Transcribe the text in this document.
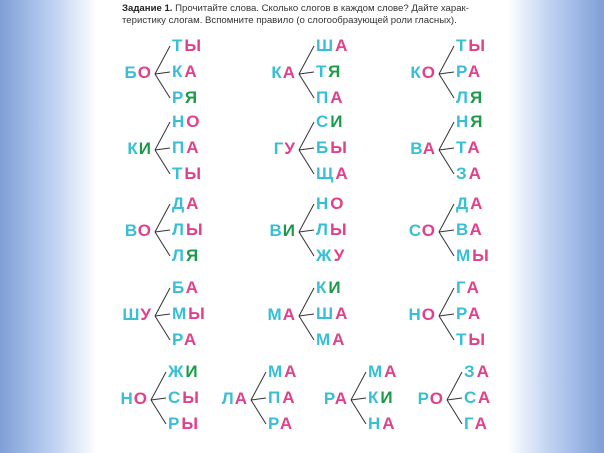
Задание 1. Прочитайте слова. Сколько слогов в каждом слове? Дайте харак-теристику слогам. Вспомните правило (о слогообразующей роли гласных).
БО
ТЫ
КА
РЯ
КА
ША
ТЯ
ПА
КО
ТЫ
РА
ЛЯ
КИ
НО
ПА
ТЫ
ГУ
СИ
БЫ
ЩА
ВА
НЯ
ТА
ЗА
ВО
ДА
ЛЫ
ЛЯ
ВИ
НО
ЛЫ
ЖУ
СО
ДА
ВА
МЫ
ШУ
БА
МЫ
РА
МА
КИ
ША
МА
НО
ГА
РА
ТЫ
НО
ЖИ
СЫ
РЫ
ЛА
МА
ПА
РА
РА
МА
КИ
НА
РО
ЗА
СА
ГА
